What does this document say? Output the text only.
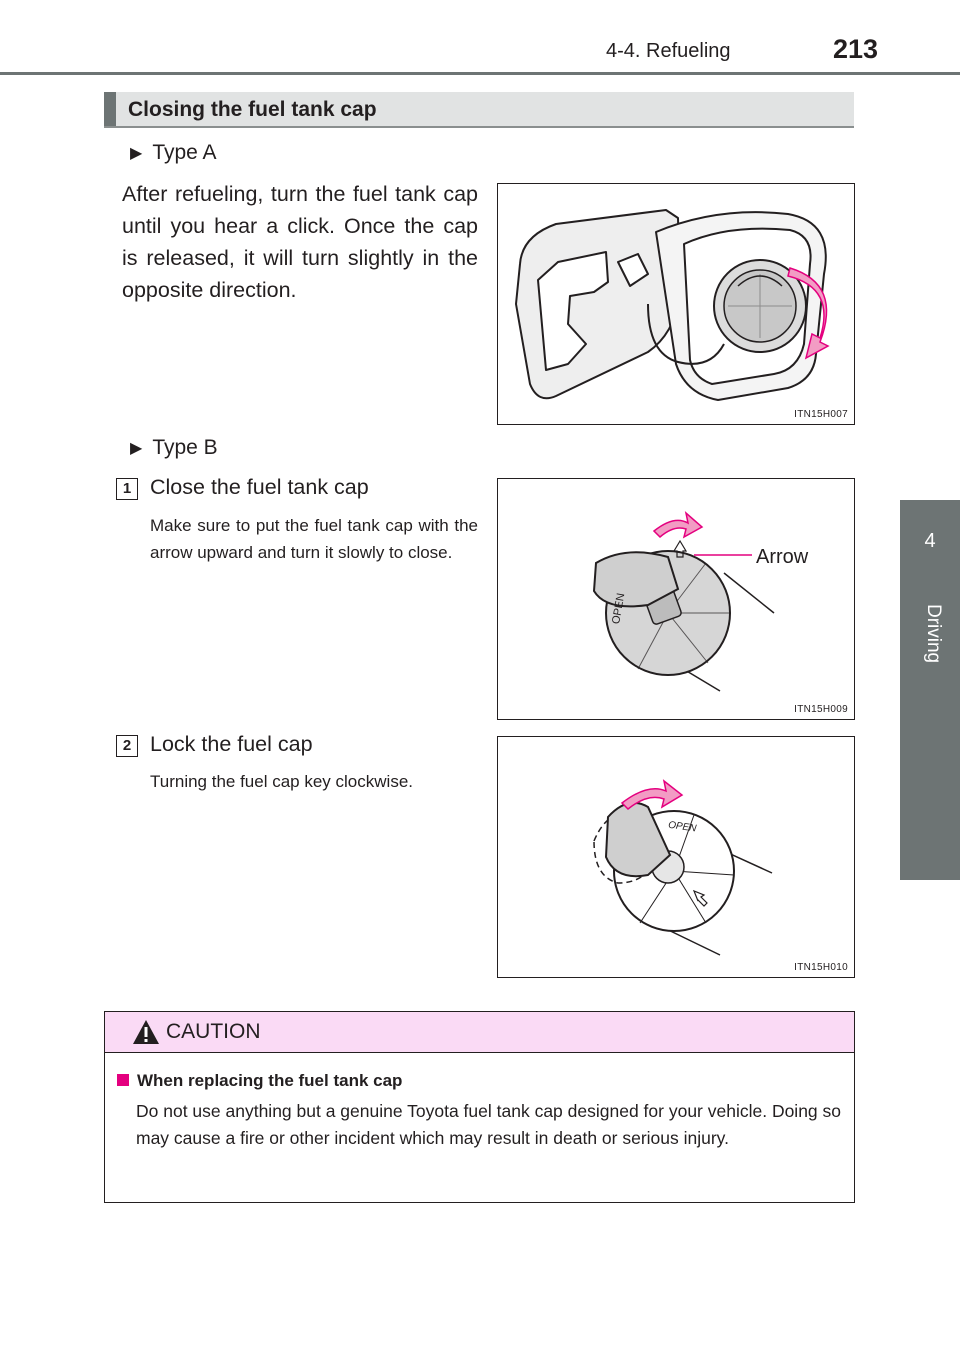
4-4. Refueling	213
4
Driving
Closing the fuel tank cap
▶ Type A
After refueling, turn the fuel tank cap until you hear a click. Once the cap is released, it will turn slightly in the opposite direction.
ITN15H007
▶ Type B
1 Close the fuel tank cap
Make sure to put the fuel tank cap with the arrow upward and turn it slowly to close.
OPEN
Arrow
ITN15H009
2 Lock the fuel cap
Turning the fuel cap key clockwise.
OPEN
ITN15H010
CAUTION
When replacing the fuel tank cap
Do not use anything but a genuine Toyota fuel tank cap designed for your vehicle. Doing so may cause a fire or other incident which may result in death or serious injury.
